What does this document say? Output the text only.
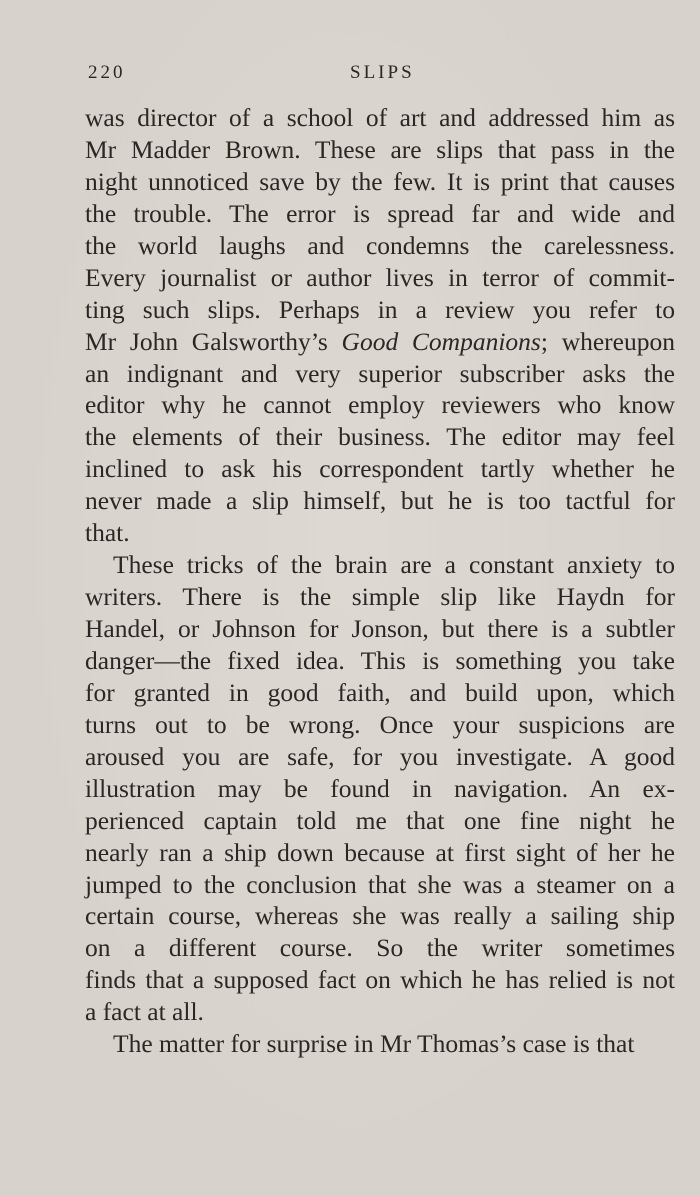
220	SLIPS
was director of a school of art and addressed him as
Mr Madder Brown. These are slips that pass in the
night unnoticed save by the few. It is print that causes
the trouble. The error is spread far and wide and
the world laughs and condemns the carelessness.
Every journalist or author lives in terror of commit-
ting such slips. Perhaps in a review you refer to
Mr John Galsworthy’s Good Companions; whereupon
an indignant and very superior subscriber asks the
editor why he cannot employ reviewers who know
the elements of their business. The editor may feel
inclined to ask his correspondent tartly whether he
never made a slip himself, but he is too tactful for
that.
These tricks of the brain are a constant anxiety to
writers. There is the simple slip like Haydn for
Handel, or Johnson for Jonson, but there is a subtler
danger—the fixed idea. This is something you take
for granted in good faith, and build upon, which
turns out to be wrong. Once your suspicions are
aroused you are safe, for you investigate. A good
illustration may be found in navigation. An ex-
perienced captain told me that one fine night he
nearly ran a ship down because at first sight of her he
jumped to the conclusion that she was a steamer on a
certain course, whereas she was really a sailing ship
on a different course. So the writer sometimes
finds that a supposed fact on which he has relied is not
a fact at all.
The matter for surprise in Mr Thomas’s case is that
